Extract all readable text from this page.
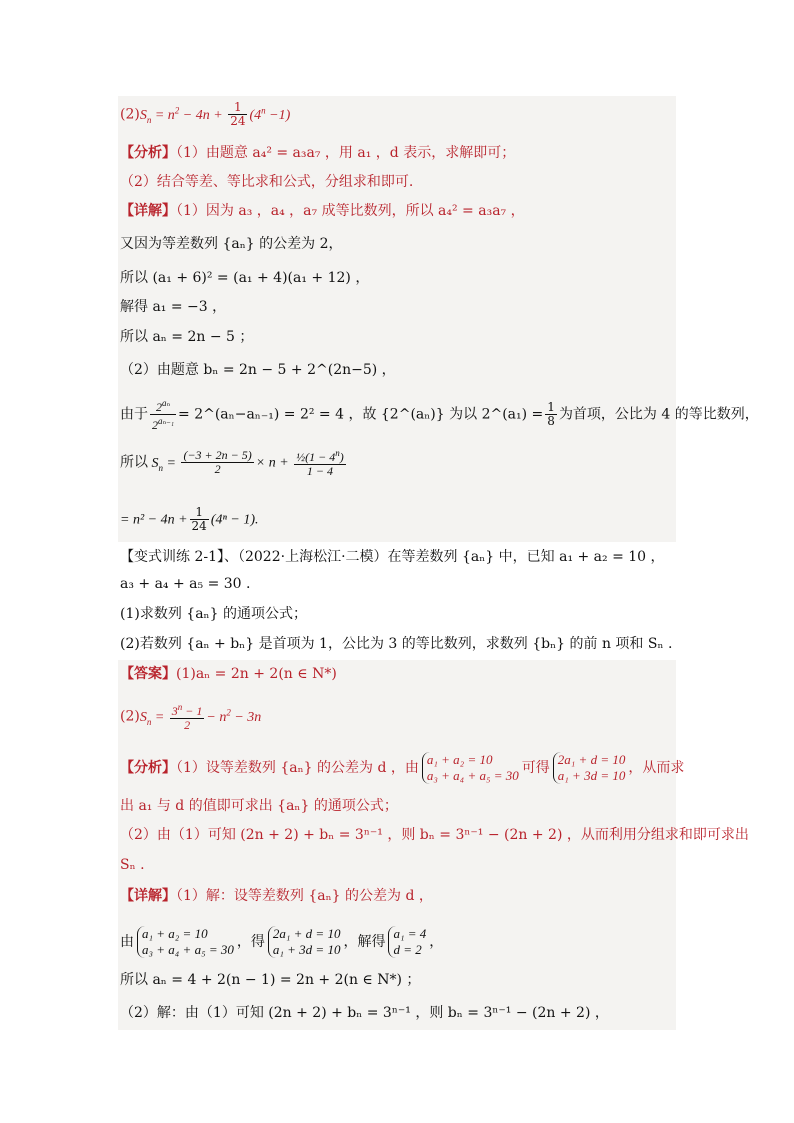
$(2)S_n = n^2 - 4n + \frac{1}{24} (4^n -1)$
【分析】（1）由题意 a₄² = a₃a₇ ，用 a₁ ，d 表示，求解即可；
（2）结合等差、等比求和公式，分组求和即可.
【详解】（1）因为 a₃ ，a₄ ，a₇ 成等比数列，所以 a₄² = a₃a₇ ，
又因为等差数列 {aₙ} 的公差为 2，
所以 (a₁ + 6)² = (a₁ + 4)(a₁ + 12) ，
解得 a₁ = −3 ，
所以 aₙ = 2n − 5 ；
（2）由题意 bₙ = 2n − 5 + 2^(2n−5) ，
由于 $\frac{2^{a_n}}{2^{a_{n-1}}}$ = 2^(aₙ−aₙ₋₁) = 2² = 4 ，故 {2^(aₙ)} 为以 2^(a₁) = $\frac{1}{8}$ 为首项，公比为 4 的等比数列，
所以 $S_n = \frac{(-3 + 2n - 5)}{2} \times n + \frac{\frac{1}{2}(1 - 4^n)}{1 - 4}$
= $n^2 - 4n + \frac{1}{24} (4^n - 1)$.
【变式训练 2-1】、（2022·上海松江·二模）在等差数列 {aₙ} 中，已知 a₁ + a₂ = 10 ，
a₃ + a₄ + a₅ = 30 .
(1)求数列 {aₙ} 的通项公式；
(2)若数列 {aₙ + bₙ} 是首项为 1，公比为 3 的等比数列，求数列 {bₙ} 的前 n 项和 Sₙ .
【答案】(1)aₙ = 2n + 2(n ∈ N*)
$(2)S_n = \frac{3^n - 1}{2} - n^2 - 3n$
【分析】（1）设等差数列 {aₙ} 的公差为 d ，由a₁ + a₂ = 10
a₃ + a₄ + a₅ = 30 可得2a₁ + d = 10
a₁ + 3d = 10 ，从而求
出 a₁ 与 d 的值即可求出 {aₙ} 的通项公式；
（2）由（1）可知 (2n + 2) + bₙ = 3ⁿ⁻¹ ，则 bₙ = 3ⁿ⁻¹ − (2n + 2) ，从而利用分组求和即可求出
Sₙ .
【详解】（1）解：设等差数列 {aₙ} 的公差为 d ，
由a₁ + a₂ = 10
a₃ + a₄ + a₅ = 30 ，得2a₁ + d = 10
a₁ + 3d = 10 ，解得a₁ = 4
d = 2 ，
所以 aₙ = 4 + 2(n − 1) = 2n + 2(n ∈ N*) ；
（2）解：由（1）可知 (2n + 2) + bₙ = 3ⁿ⁻¹ ，则 bₙ = 3ⁿ⁻¹ − (2n + 2) ，
